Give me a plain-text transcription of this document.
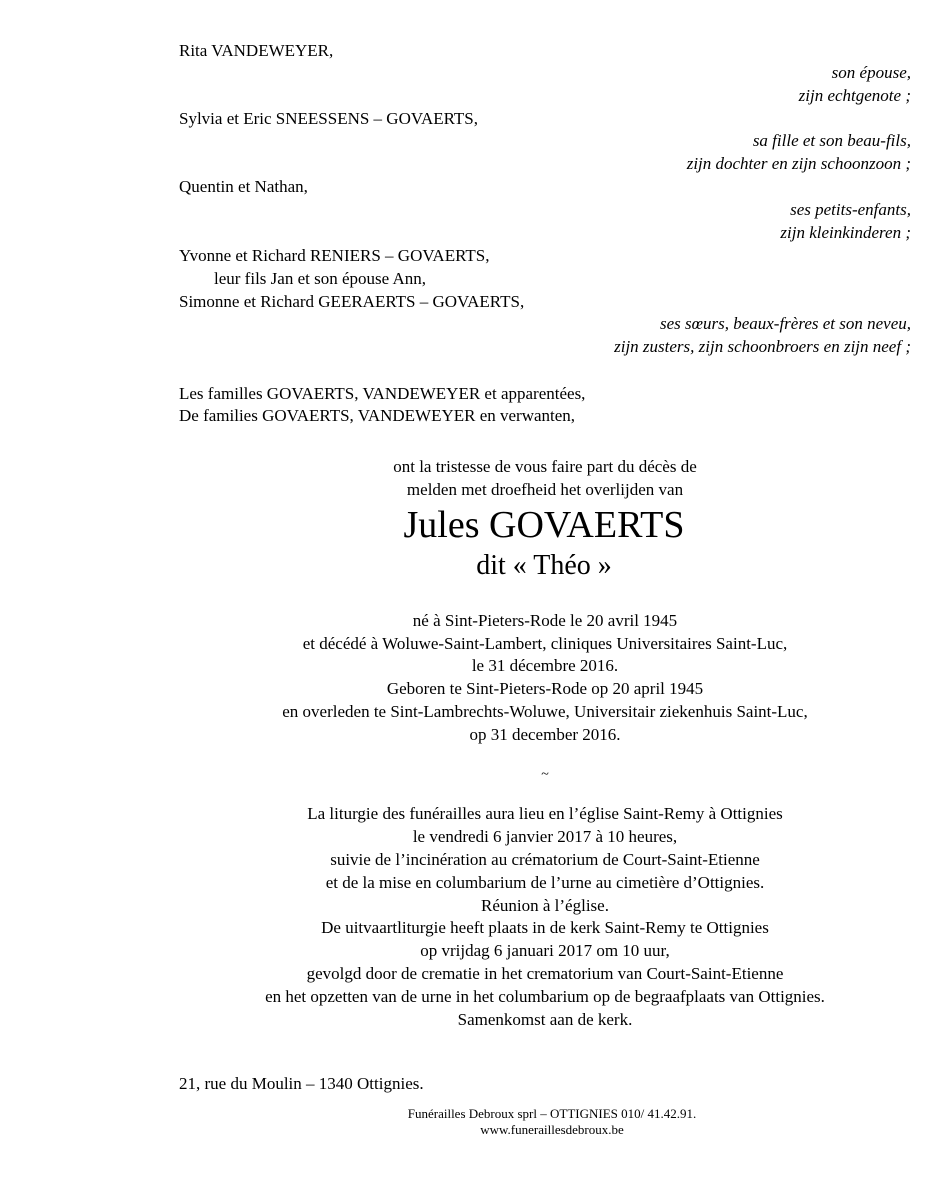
Rita VANDEWEYER,
son épouse,
zijn echtgenote ;
Sylvia et Eric SNEESSENS – GOVAERTS,
sa fille et son beau-fils,
zijn dochter en zijn schoonzoon ;
Quentin et Nathan,
ses petits-enfants,
zijn kleinkinderen ;
Yvonne et Richard RENIERS – GOVAERTS,
leur fils Jan et son épouse Ann,
Simonne et Richard GEERAERTS – GOVAERTS,
ses sœurs, beaux-frères et son neveu,
zijn zusters, zijn schoonbroers en zijn neef ;
Les familles GOVAERTS, VANDEWEYER et apparentées,
De families GOVAERTS, VANDEWEYER en verwanten,
ont la tristesse de vous faire part du décès de
melden met droefheid het overlijden van
Jules GOVAERTS
dit « Théo »
né à Sint-Pieters-Rode le 20 avril 1945
et décédé à Woluwe-Saint-Lambert, cliniques Universitaires Saint-Luc,
le 31 décembre 2016.
Geboren te Sint-Pieters-Rode op 20 april 1945
en overleden te Sint-Lambrechts-Woluwe, Universitair ziekenhuis Saint-Luc,
op 31 december 2016.
~
La liturgie des funérailles aura lieu en l’église Saint-Remy à Ottignies
le vendredi 6 janvier 2017 à 10 heures,
suivie de l’incinération au crématorium de Court-Saint-Etienne
et de la mise en columbarium de l’urne au cimetière d’Ottignies.
Réunion à l’église.
De uitvaartliturgie heeft plaats in de kerk Saint-Remy te Ottignies
op vrijdag 6 januari 2017 om 10 uur,
gevolgd door de crematie in het crematorium van Court-Saint-Etienne
en het opzetten van de urne in het columbarium op de begraafplaats van Ottignies.
Samenkomst aan de kerk.
21, rue du Moulin – 1340 Ottignies.
Funérailles Debroux sprl – OTTIGNIES 010/ 41.42.91.
www.funeraillesdebroux.be
